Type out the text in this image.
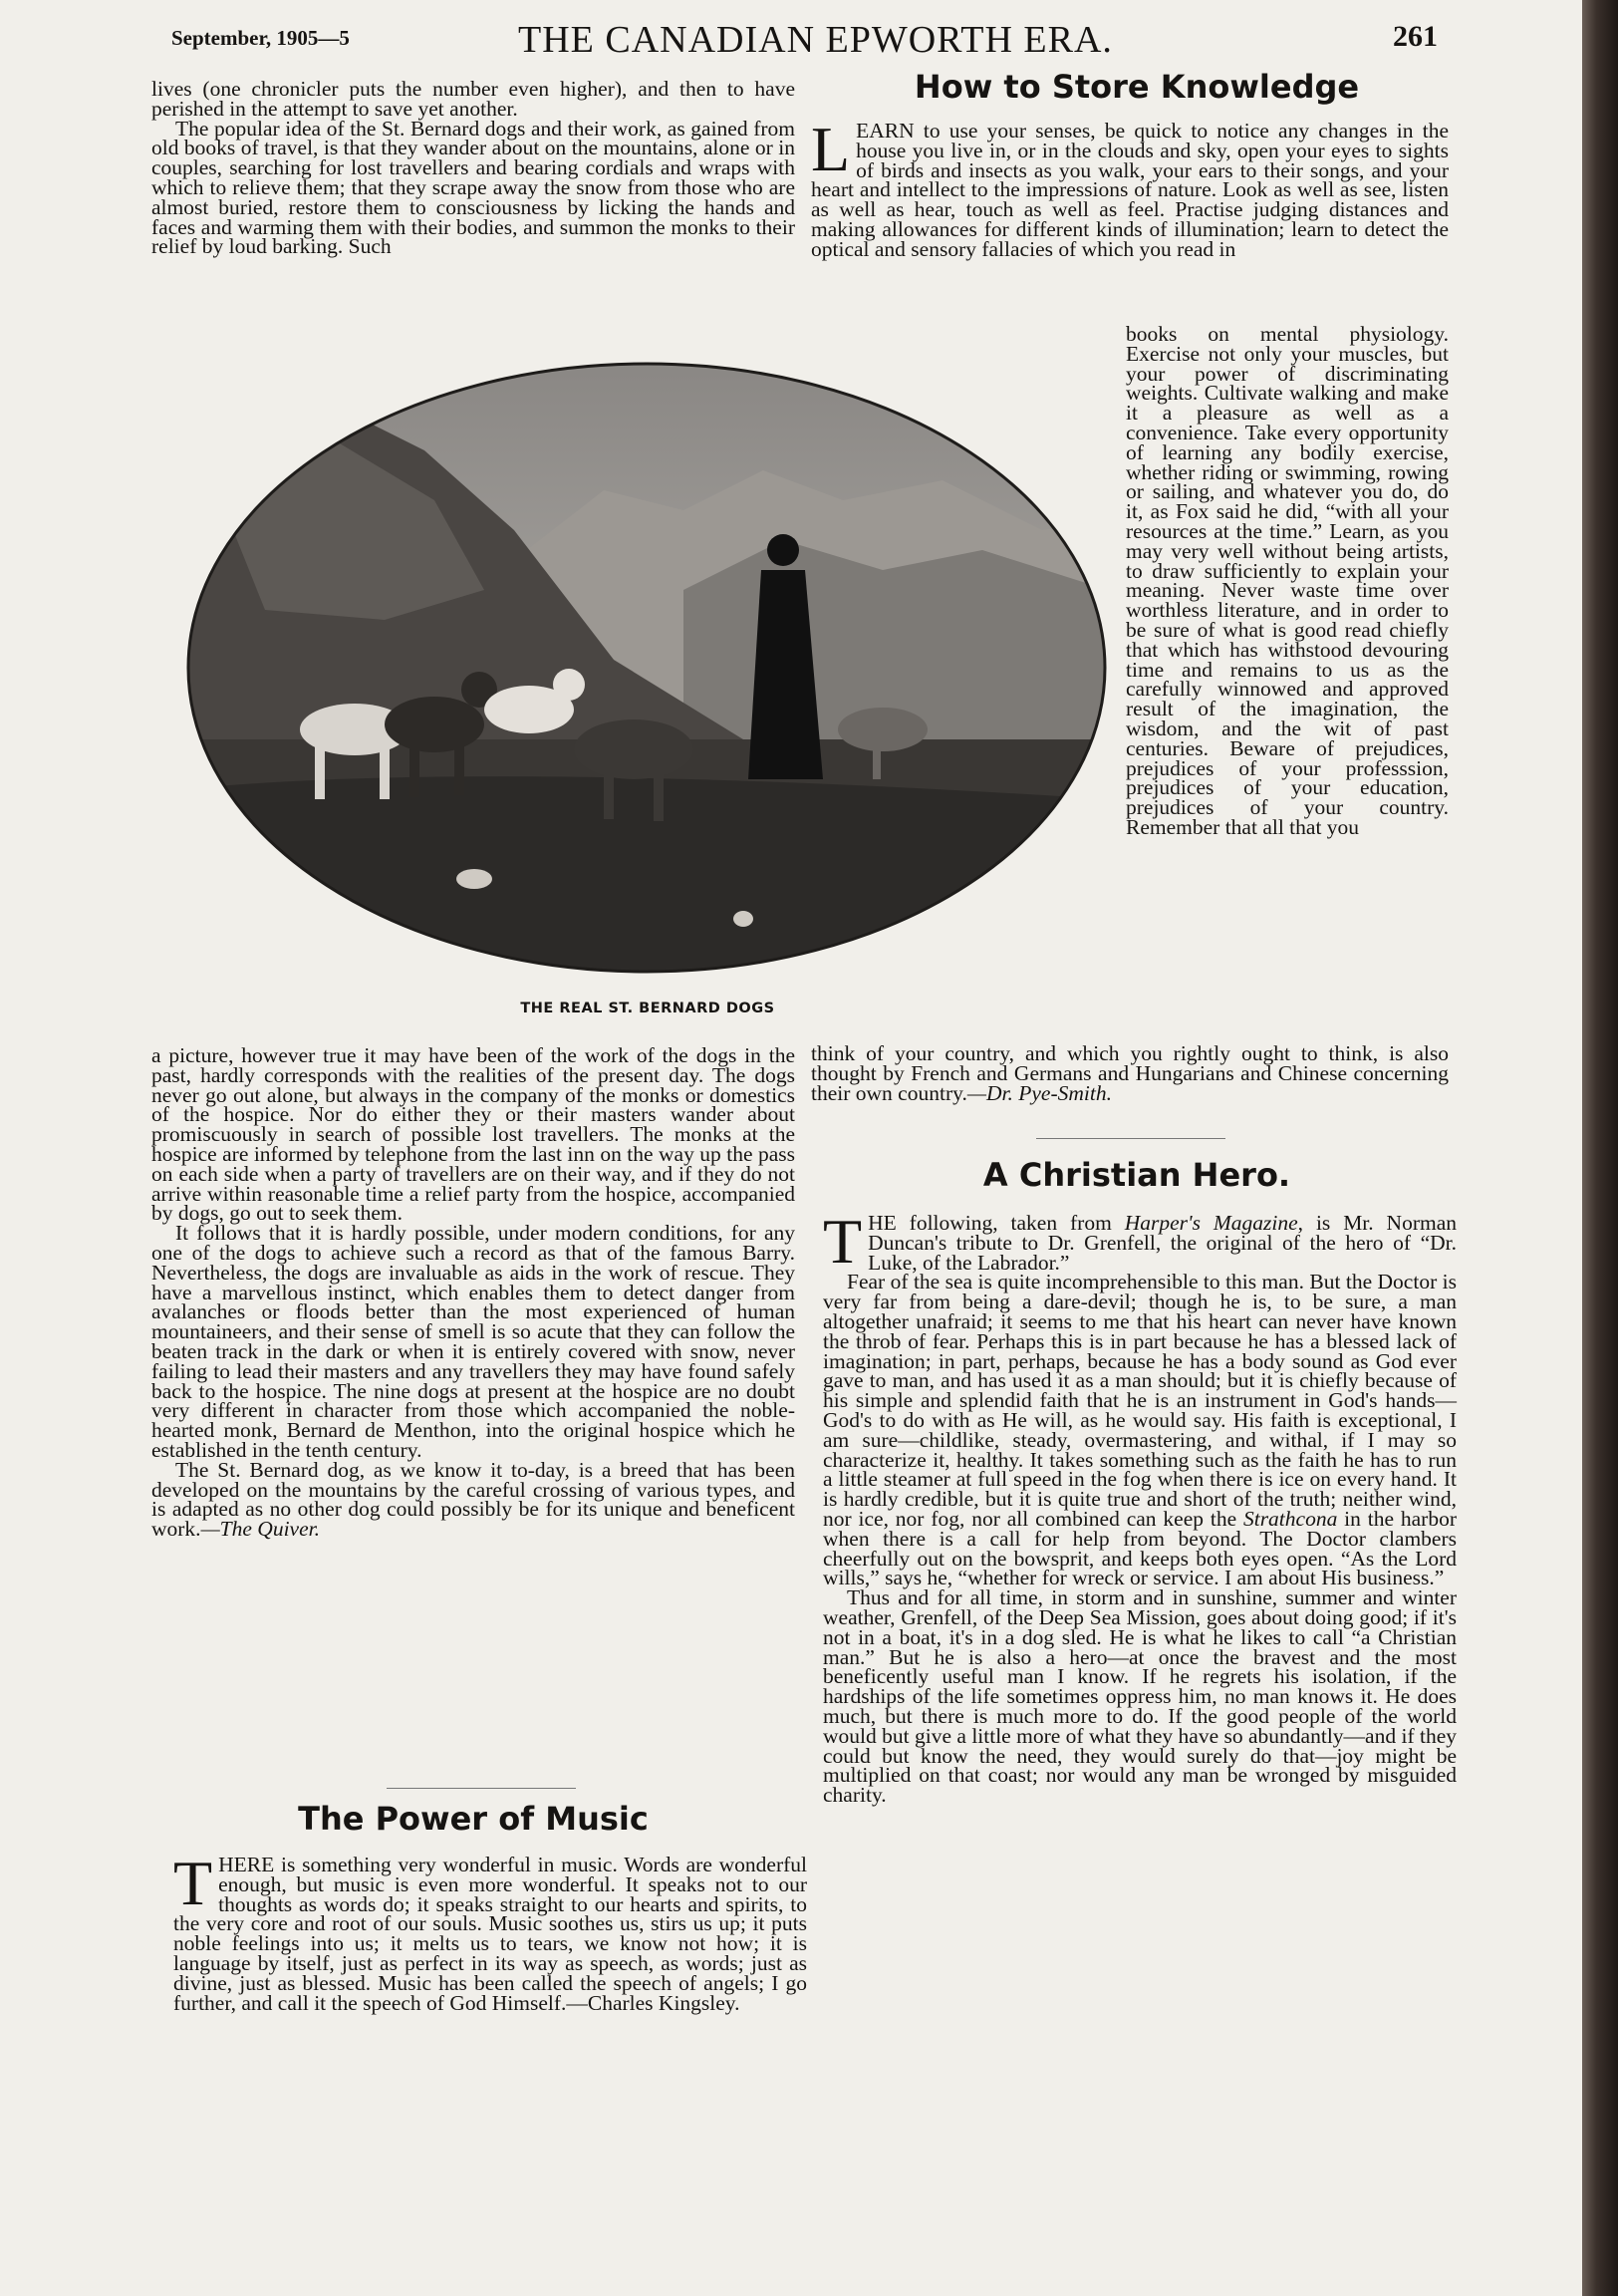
September, 1905—5	THE CANADIAN EPWORTH ERA.	261

lives (one chronicler puts the number even higher), and then to have perished in the attempt to save yet another.

The popular idea of the St. Bernard dogs and their work, as gained from old books of travel, is that they wander about on the mountains, alone or in couples, searching for lost travellers and bearing cordials and wraps with which to relieve them; that they scrape away the snow from those who are almost buried, restore them to consciousness by licking the hands and faces and warming them with their bodies, and summon the monks to their relief by loud barking. Such

How to Store Knowledge

LEARN to use your senses, be quick to notice any changes in the house you live in, or in the clouds and sky, open your eyes to sights of birds and insects as you walk, your ears to their songs, and your heart and intellect to the impressions of nature. Look as well as see, listen as well as hear, touch as well as feel. Practise judging distances and making allowances for different kinds of illumination; learn to detect the optical and sensory fallacies of which you read in

books on mental physiology. Exercise not only your muscles, but your power of discriminating weights. Cultivate walking and make it a pleasure as well as a convenience. Take every opportunity of learning any bodily exercise, whether riding or swimming, rowing or sailing, and whatever you do, do it, as Fox said he did, “with all your resources at the time.” Learn, as you may very well without being artists, to draw sufficiently to explain your meaning. Never waste time over worthless literature, and in order to be sure of what is good read chiefly that which has withstood devouring time and remains to us as the carefully winnowed and approved result of the imagination, the wisdom, and the wit of past centuries. Beware of prejudices, prejudices of your professsion, prejudices of your education, prejudices of your country. Remember that all that you

THE REAL ST. BERNARD DOGS

a picture, however true it may have been of the work of the dogs in the past, hardly corresponds with the realities of the present day. The dogs never go out alone, but always in the company of the monks or domestics of the hospice. Nor do either they or their masters wander about promiscuously in search of possible lost travellers. The monks at the hospice are informed by telephone from the last inn on the way up the pass on each side when a party of travellers are on their way, and if they do not arrive within reasonable time a relief party from the hospice, accompanied by dogs, go out to seek them.

It follows that it is hardly possible, under modern conditions, for any one of the dogs to achieve such a record as that of the famous Barry. Nevertheless, the dogs are invaluable as aids in the work of rescue. They have a marvellous instinct, which enables them to detect danger from avalanches or floods better than the most experienced of human mountaineers, and their sense of smell is so acute that they can follow the beaten track in the dark or when it is entirely covered with snow, never failing to lead their masters and any travellers they may have found safely back to the hospice. The nine dogs at present at the hospice are no doubt very different in character from those which accompanied the noble-hearted monk, Bernard de Menthon, into the original hospice which he established in the tenth century.

The St. Bernard dog, as we know it to-day, is a breed that has been developed on the mountains by the careful crossing of various types, and is adapted as no other dog could possibly be for its unique and beneficent work.—The Quiver.

think of your country, and which you rightly ought to think, is also thought by French and Germans and Hungarians and Chinese concerning their own country.—Dr. Pye-Smith.

A Christian Hero.

THE following, taken from Harper's Magazine, is Mr. Norman Duncan's tribute to Dr. Grenfell, the original of the hero of “Dr. Luke, of the Labrador.”

Fear of the sea is quite incomprehensible to this man. But the Doctor is very far from being a dare-devil; though he is, to be sure, a man altogether unafraid; it seems to me that his heart can never have known the throb of fear. Perhaps this is in part because he has a blessed lack of imagination; in part, perhaps, because he has a body sound as God ever gave to man, and has used it as a man should; but it is chiefly because of his simple and splendid faith that he is an instrument in God's hands—God's to do with as He will, as he would say. His faith is exceptional, I am sure—childlike, steady, overmastering, and withal, if I may so characterize it, healthy. It takes something such as the faith he has to run a little steamer at full speed in the fog when there is ice on every hand. It is hardly credible, but it is quite true and short of the truth; neither wind, nor ice, nor fog, nor all combined can keep the Strathcona in the harbor when there is a call for help from beyond. The Doctor clambers cheerfully out on the bowsprit, and keeps both eyes open. “As the Lord wills,” says he, “whether for wreck or service. I am about His business.”

Thus and for all time, in storm and in sunshine, summer and winter weather, Grenfell, of the Deep Sea Mission, goes about doing good; if it's not in a boat, it's in a dog sled. He is what he likes to call “a Christian man.” But he is also a hero—at once the bravest and the most beneficently useful man I know. If he regrets his isolation, if the hardships of the life sometimes oppress him, no man knows it. He does much, but there is much more to do. If the good people of the world would but give a little more of what they have so abundantly—and if they could but know the need, they would surely do that—joy might be multiplied on that coast; nor would any man be wronged by misguided charity.

The Power of Music

THERE is something very wonderful in music. Words are wonderful enough, but music is even more wonderful. It speaks not to our thoughts as words do; it speaks straight to our hearts and spirits, to the very core and root of our souls. Music soothes us, stirs us up; it puts noble feelings into us; it melts us to tears, we know not how; it is language by itself, just as perfect in its way as speech, as words; just as divine, just as blessed. Music has been called the speech of angels; I go further, and call it the speech of God Himself.—Charles Kingsley.
